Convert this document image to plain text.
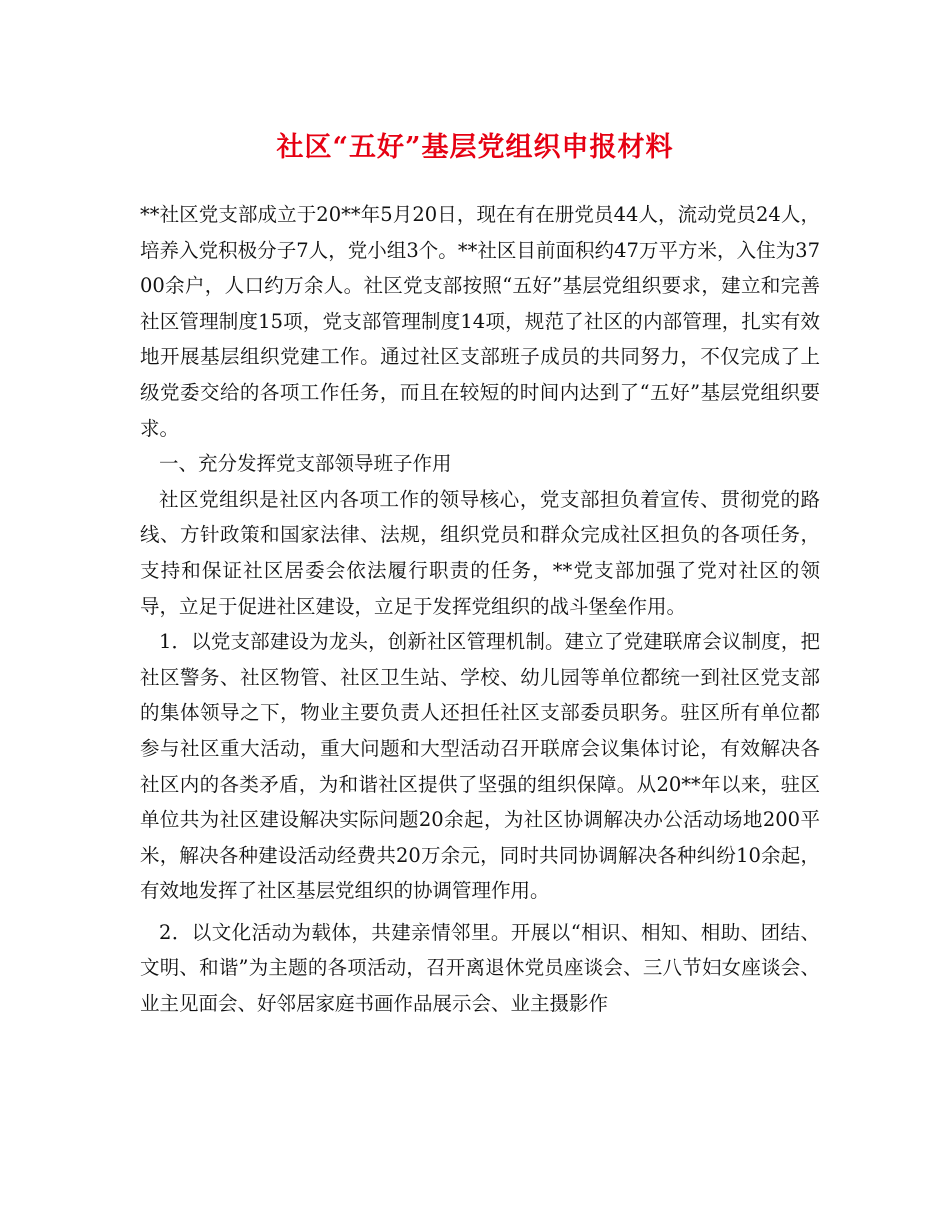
社区“五好”基层党组织申报材料

**社区党支部成立于20**年5月20日，现在有在册党员44人，流动党员24人，培养入党积极分子7人，党小组3个。**社区目前面积约47万平方米，入住为3700余户，人口约万余人。社区党支部按照“五好”基层党组织要求，建立和完善社区管理制度15项，党支部管理制度14项，规范了社区的内部管理，扎实有效地开展基层组织党建工作。通过社区支部班子成员的共同努力，不仅完成了上级党委交给的各项工作任务，而且在较短的时间内达到了“五好”基层党组织要求。

一、充分发挥党支部领导班子作用

社区党组织是社区内各项工作的领导核心，党支部担负着宣传、贯彻党的路线、方针政策和国家法律、法规，组织党员和群众完成社区担负的各项任务，支持和保证社区居委会依法履行职责的任务，**党支部加强了党对社区的领导，立足于促进社区建设，立足于发挥党组织的战斗堡垒作用。

1．以党支部建设为龙头，创新社区管理机制。建立了党建联席会议制度，把社区警务、社区物管、社区卫生站、学校、幼儿园等单位都统一到社区党支部的集体领导之下，物业主要负责人还担任社区支部委员职务。驻区所有单位都参与社区重大活动，重大问题和大型活动召开联席会议集体讨论，有效解决各社区内的各类矛盾，为和谐社区提供了坚强的组织保障。从20**年以来，驻区单位共为社区建设解决实际问题20余起，为社区协调解决办公活动场地200平米，解决各种建设活动经费共20万余元，同时共同协调解决各种纠纷10余起，有效地发挥了社区基层党组织的协调管理作用。

2．以文化活动为载体，共建亲情邻里。开展以“相识、相知、相助、团结、文明、和谐”为主题的各项活动，召开离退休党员座谈会、三八节妇女座谈会、业主见面会、好邻居家庭书画作品展示会、业主摄影作
